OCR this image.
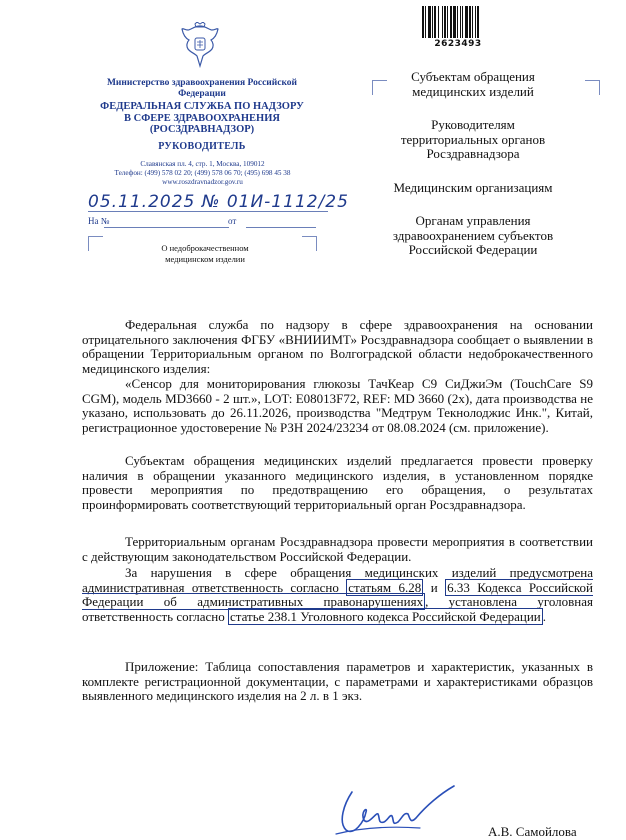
Министерство здравоохранения Российской Федерации
ФЕДЕРАЛЬНАЯ СЛУЖБА ПО НАДЗОРУ
В СФЕРЕ ЗДРАВООХРАНЕНИЯ
(РОСЗДРАВНАДЗОР)
РУКОВОДИТЕЛЬ
Славянская пл. 4, стр. 1, Москва, 109012
Телефон: (499) 578 02 20; (499) 578 06 70; (495) 698 45 38
www.roszdravnadzor.gov.ru
05.11.2025 № 01И-1112/25
На №	от
О недоброкачественном
медицинском изделии
2623493
Субъектам обращения
медицинских изделий
Руководителям
территориальных органов
Росздравнадзора
Медицинским организациям
Органам управления
здравоохранением субъектов
Российской Федерации
Федеральная служба по надзору в сфере здравоохранения на основании отрицательного заключения ФГБУ «ВНИИИМТ» Росздравнадзора сообщает о выявлении в обращении Территориальным органом по Волгоградской области недоброкачественного медицинского изделия:
«Сенсор для мониторирования глюкозы ТачКеар С9 СиДжиЭм (TouchCare S9 CGM), модель MD3660 - 2 шт.», LOT: E08013F72, REF: MD 3660 (2x), дата производства не указано, использовать до 26.11.2026, производства "Медтрум Текнолоджис Инк.", Китай, регистрационное удостоверение № РЗН 2024/23234 от 08.08.2024 (см. приложение).
Субъектам обращения медицинских изделий предлагается провести проверку наличия в обращении указанного медицинского изделия, в установленном порядке провести мероприятия по предотвращению его обращения, о результатах проинформировать соответствующий территориальный орган Росздравнадзора.
Территориальным органам Росздравнадзора провести мероприятия в соответствии с действующим законодательством Российской Федерации.
За нарушения в сфере обращения медицинских изделий предусмотрена административная ответственность согласно статьям 6.28 и 6.33 Кодекса Российской Федерации об административных правонарушениях , установлена уголовная ответственность согласно статье 238.1 Уголовного кодекса Российской Федерации .
Приложение: Таблица сопоставления параметров и характеристик, указанных в комплекте регистрационной документации, с параметрами и характеристиками образцов выявленного медицинского изделия на 2 л. в 1 экз.
А.В. Самойлова
